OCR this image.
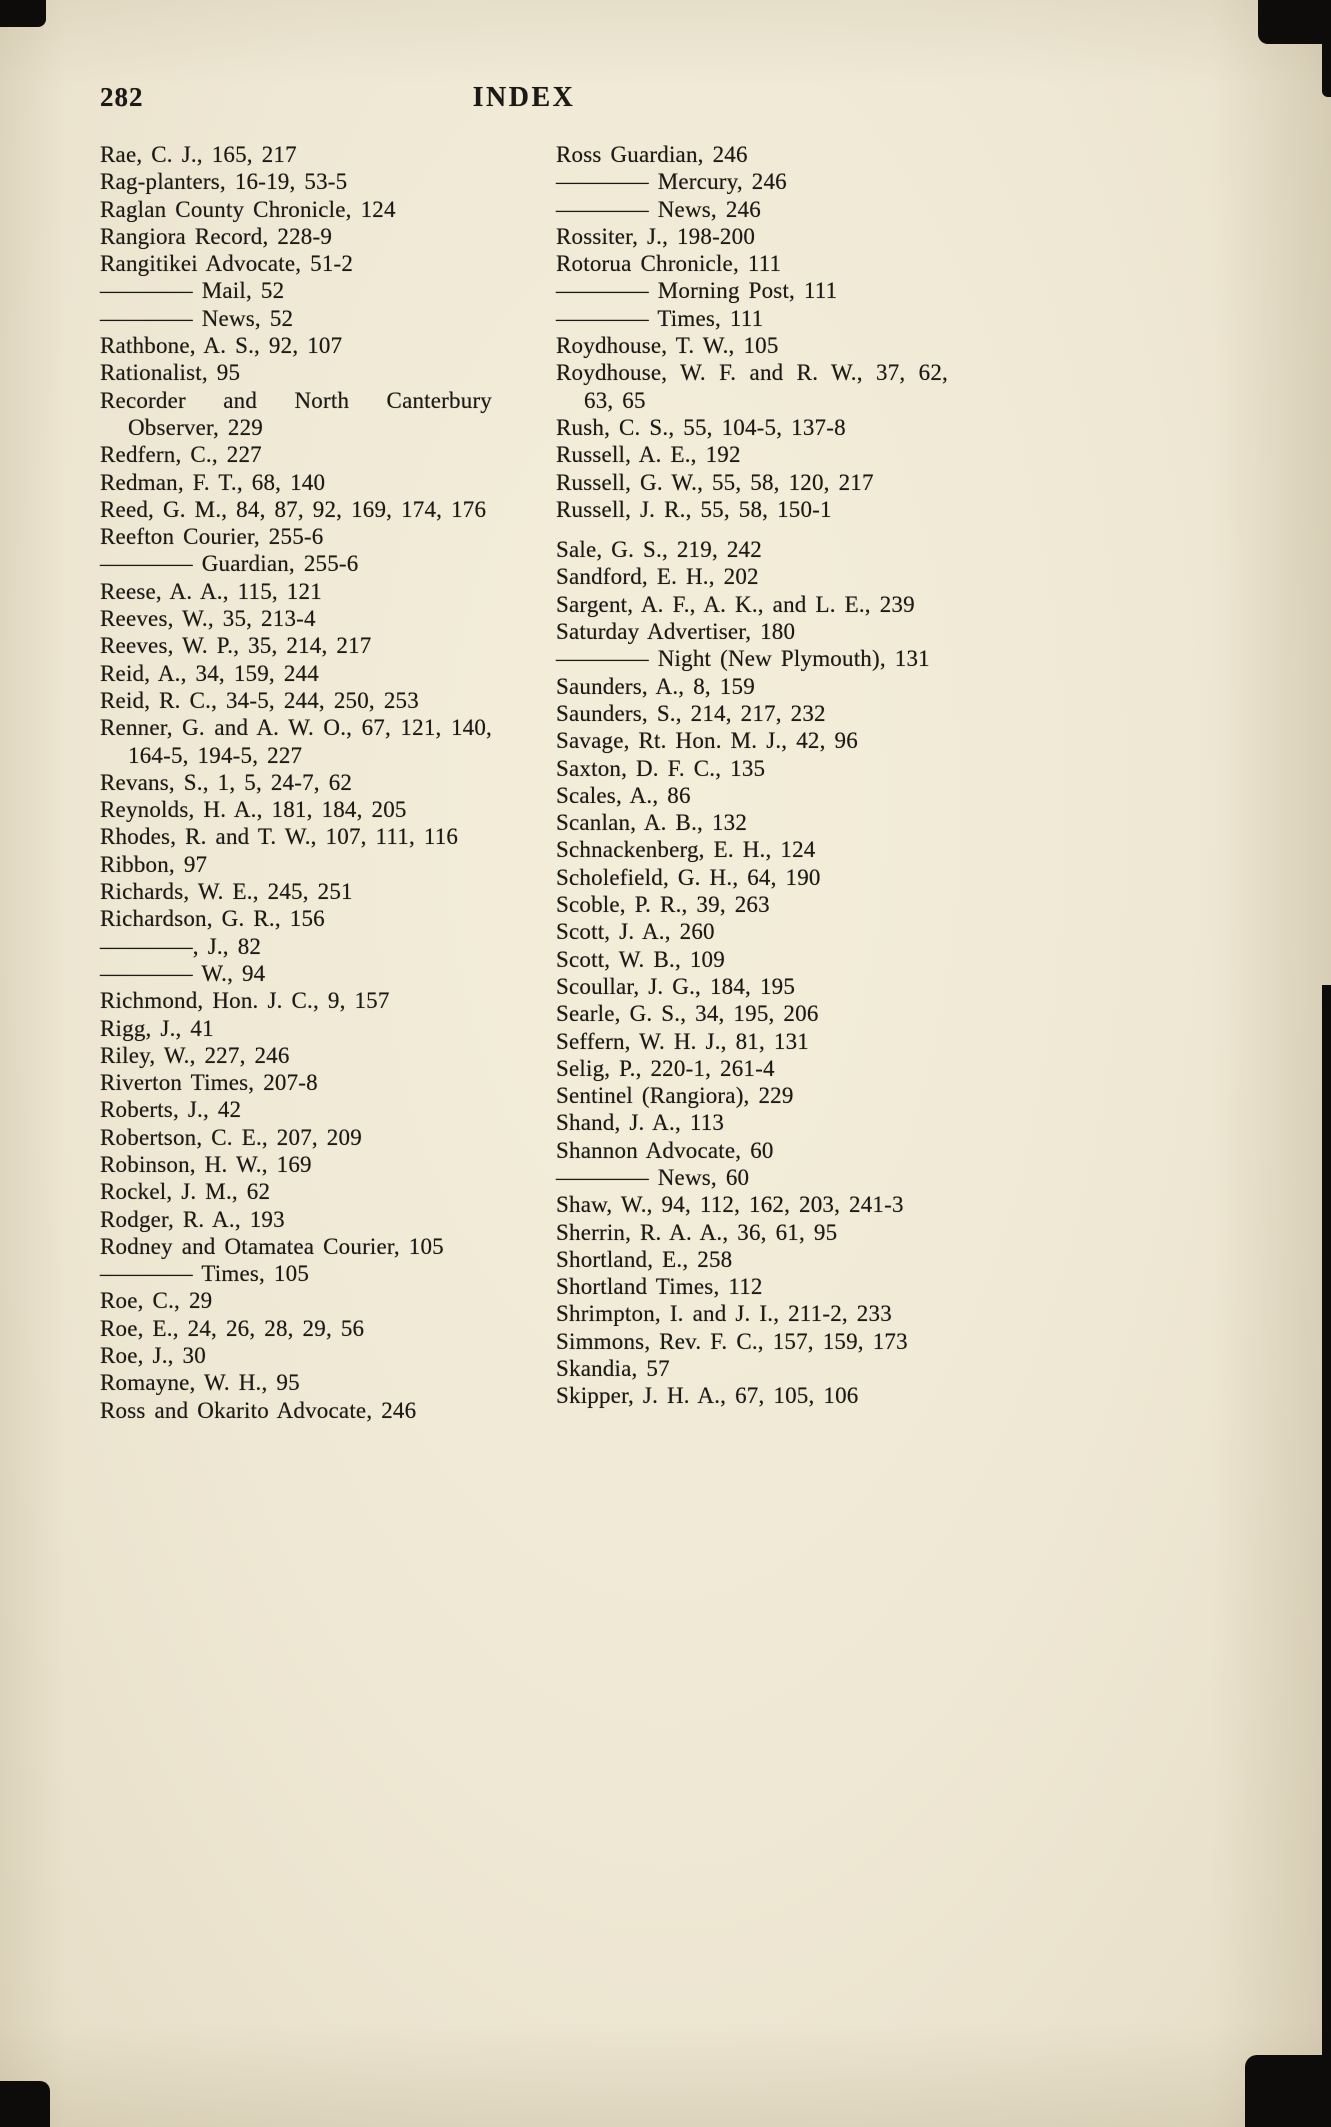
282	INDEX
Rae, C. J., 165, 217
Rag-planters, 16-19, 53-5
Raglan County Chronicle, 124
Rangiora Record, 228-9
Rangitikei Advocate, 51-2
———— Mail, 52
———— News, 52
Rathbone, A. S., 92, 107
Rationalist, 95
Recorder and North Canterbury Observer, 229
Redfern, C., 227
Redman, F. T., 68, 140
Reed, G. M., 84, 87, 92, 169, 174, 176
Reefton Courier, 255-6
———— Guardian, 255-6
Reese, A. A., 115, 121
Reeves, W., 35, 213-4
Reeves, W. P., 35, 214, 217
Reid, A., 34, 159, 244
Reid, R. C., 34-5, 244, 250, 253
Renner, G. and A. W. O., 67, 121, 140, 164-5, 194-5, 227
Revans, S., 1, 5, 24-7, 62
Reynolds, H. A., 181, 184, 205
Rhodes, R. and T. W., 107, 111, 116
Ribbon, 97
Richards, W. E., 245, 251
Richardson, G. R., 156
————, J., 82
———— W., 94
Richmond, Hon. J. C., 9, 157
Rigg, J., 41
Riley, W., 227, 246
Riverton Times, 207-8
Roberts, J., 42
Robertson, C. E., 207, 209
Robinson, H. W., 169
Rockel, J. M., 62
Rodger, R. A., 193
Rodney and Otamatea Courier, 105
———— Times, 105
Roe, C., 29
Roe, E., 24, 26, 28, 29, 56
Roe, J., 30
Romayne, W. H., 95
Ross and Okarito Advocate, 246
Ross Guardian, 246
———— Mercury, 246
———— News, 246
Rossiter, J., 198-200
Rotorua Chronicle, 111
———— Morning Post, 111
———— Times, 111
Roydhouse, T. W., 105
Roydhouse, W. F. and R. W., 37, 62, 63, 65
Rush, C. S., 55, 104-5, 137-8
Russell, A. E., 192
Russell, G. W., 55, 58, 120, 217
Russell, J. R., 55, 58, 150-1
Sale, G. S., 219, 242
Sandford, E. H., 202
Sargent, A. F., A. K., and L. E., 239
Saturday Advertiser, 180
———— Night (New Plymouth), 131
Saunders, A., 8, 159
Saunders, S., 214, 217, 232
Savage, Rt. Hon. M. J., 42, 96
Saxton, D. F. C., 135
Scales, A., 86
Scanlan, A. B., 132
Schnackenberg, E. H., 124
Scholefield, G. H., 64, 190
Scoble, P. R., 39, 263
Scott, J. A., 260
Scott, W. B., 109
Scoullar, J. G., 184, 195
Searle, G. S., 34, 195, 206
Seffern, W. H. J., 81, 131
Selig, P., 220-1, 261-4
Sentinel (Rangiora), 229
Shand, J. A., 113
Shannon Advocate, 60
———— News, 60
Shaw, W., 94, 112, 162, 203, 241-3
Sherrin, R. A. A., 36, 61, 95
Shortland, E., 258
Shortland Times, 112
Shrimpton, I. and J. I., 211-2, 233
Simmons, Rev. F. C., 157, 159, 173
Skandia, 57
Skipper, J. H. A., 67, 105, 106
